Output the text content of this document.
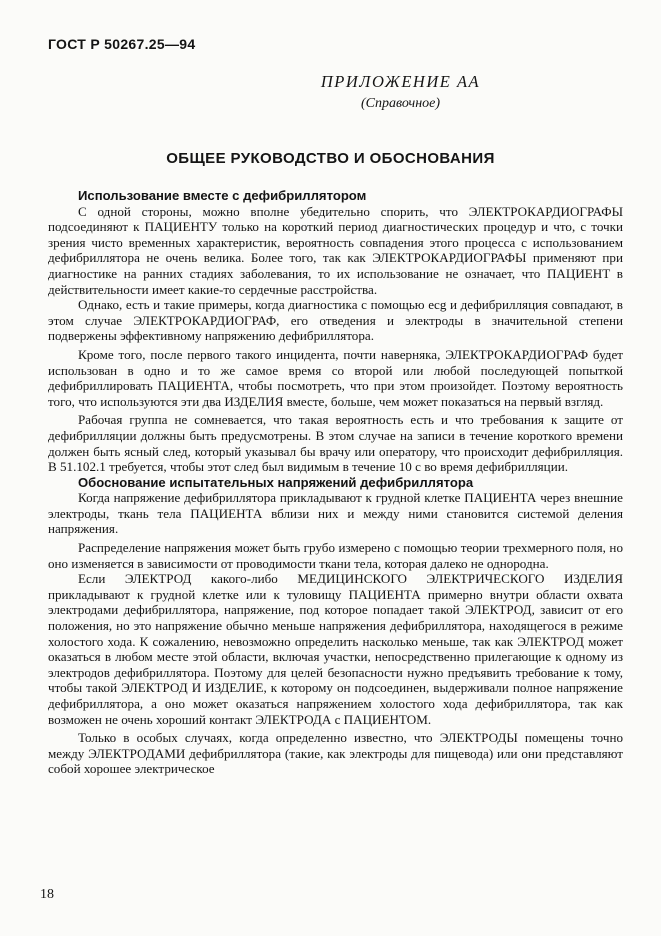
ГОСТ Р 50267.25—94
ПРИЛОЖЕНИЕ АА
(Справочное)
ОБЩЕЕ РУКОВОДСТВО И ОБОСНОВАНИЯ
Использование вместе с дефибриллятором

С одной стороны, можно вполне убедительно спорить, что ЭЛЕКТРОКАРДИОГРАФЫ подсоединяют к ПАЦИЕНТУ только на короткий период диагностических процедур и что, с точки зрения чисто временных характеристик, вероятность совпадения этого процесса с использованием дефибриллятора не очень велика. Более того, так как ЭЛЕКТРОКАРДИОГРАФЫ применяют при диагностике на ранних стадиях заболевания, то их использование не означает, что ПАЦИЕНТ в действительности имеет какие-то сердечные расстройства.

Однако, есть и такие примеры, когда диагностика с помощью ecg и дефибрилляция совпадают, в этом случае ЭЛЕКТРОКАРДИОГРАФ, его отведения и электроды в значительной степени подвержены эффективному напряжению дефибриллятора.

Кроме того, после первого такого инцидента, почти наверняка, ЭЛЕКТРОКАРДИОГРАФ будет использован в одно и то же самое время со второй или любой последующей попыткой дефибриллировать ПАЦИЕНТА, чтобы посмотреть, что при этом произойдет. Поэтому вероятность того, что используются эти два ИЗДЕЛИЯ вместе, больше, чем может показаться на первый взгляд.

Рабочая группа не сомневается, что такая вероятность есть и что требования к защите от дефибрилляции должны быть предусмотрены. В этом случае на записи в течение короткого времени должен быть ясный след, который указывал бы врачу или оператору, что происходит дефибрилляция. В 51.102.1 требуется, чтобы этот след был видимым в течение 10 с во время дефибрилляции.

Обоснование испытательных напряжений дефибриллятора

Когда напряжение дефибриллятора прикладывают к грудной клетке ПАЦИЕНТА через внешние электроды, ткань тела ПАЦИЕНТА вблизи них и между ними становится системой деления напряжения.

Распределение напряжения может быть грубо измерено с помощью теории трехмерного поля, но оно изменяется в зависимости от проводимости ткани тела, которая далеко не однородна.

Если ЭЛЕКТРОД какого-либо МЕДИЦИНСКОГО ЭЛЕКТРИЧЕСКОГО ИЗДЕЛИЯ прикладывают к грудной клетке или к туловищу ПАЦИЕНТА примерно внутри области охвата электродами дефибриллятора, напряжение, под которое попадает такой ЭЛЕКТРОД, зависит от его положения, но это напряжение обычно меньше напряжения дефибриллятора, находящегося в режиме холостого хода. К сожалению, невозможно определить насколько меньше, так как ЭЛЕКТРОД может оказаться в любом месте этой области, включая участки, непосредственно прилегающие к одному из электродов дефибриллятора. Поэтому для целей безопасности нужно предъявить требование к тому, чтобы такой ЭЛЕКТРОД И ИЗДЕЛИЕ, к которому он подсоединен, выдерживали полное напряжение дефибриллятора, а оно может оказаться напряжением холостого хода дефибриллятора, так как возможен не очень хороший контакт ЭЛЕКТРОДА с ПАЦИЕНТОМ.

Только в особых случаях, когда определенно известно, что ЭЛЕКТРОДЫ помещены точно между ЭЛЕКТРОДАМИ дефибриллятора (такие, как электроды для пищевода) или они представляют собой хорошее электрическое

18
